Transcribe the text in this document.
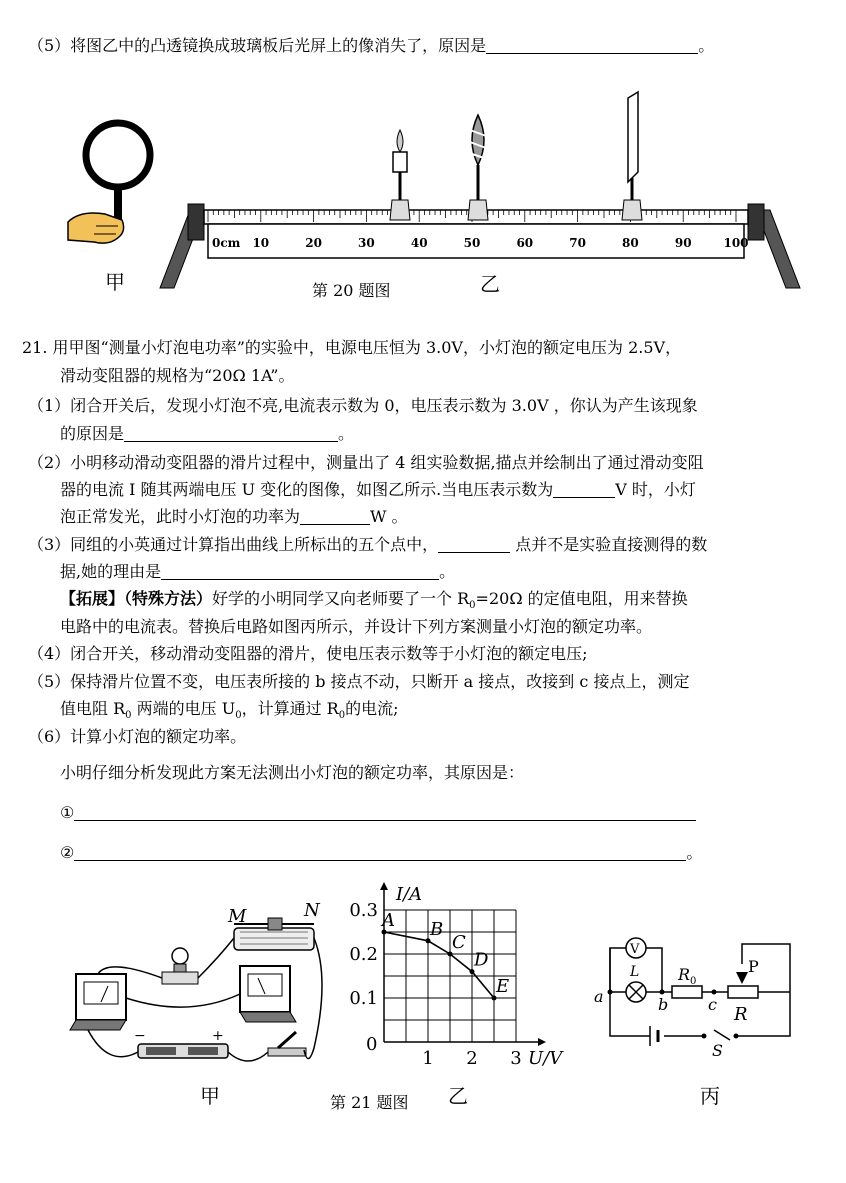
（5）将图乙中的凸透镜换成玻璃板后光屏上的像消失了，原因是	。
甲
10	20	30	40	50	60	70	80	90	100
0cm
第 20 题图	乙
21. 用甲图“测量小灯泡电功率”的实验中，电源电压恒为 3.0V，小灯泡的额定电压为 2.5V，
滑动变阻器的规格为“20Ω 1A”。
（1）闭合开关后，发现小灯泡不亮,电流表示数为 0，电压表示数为 3.0V ，你认为产生该现象
的原因是	。
（2）小明移动滑动变阻器的滑片过程中，测量出了 4 组实验数据,描点并绘制出了通过滑动变阻
器的电流 I 随其两端电压 U 变化的图像，如图乙所示.当电压表示数为	V 时，小灯
泡正常发光，此时小灯泡的功率为	W 。
（3）同组的小英通过计算指出曲线上所标出的五个点中，	点并不是实验直接测得的数
据,她的理由是	。
【拓展】（特殊方法）好学的小明同学又向老师要了一个 $R_0=20\Omega$ 的定值电阻，用来替换
电路中的电流表。替换后电路如图丙所示，并设计下列方案测量小灯泡的额定功率。
（4）闭合开关，移动滑动变阻器的滑片，使电压表示数等于小灯泡的额定电压;
（5）保持滑片位置不变，电压表所接的 b 接点不动，只断开 a 接点，改接到 c 接点上，测定
值电阻 $R_0$ 两端的电压 $U_0$，计算通过 $R_0$的电流;
（6）计算小灯泡的额定功率。
小明仔细分析发现此方案无法测出小灯泡的额定功率，其原因是：
①
②	。
M	N
−	+
甲
1 2 3
0.1
0.2
0.3 A B
C
D
E
I/A
U/V
0
乙
第 21 题图
S
L R 0
P
R
a	b c
V
丙
